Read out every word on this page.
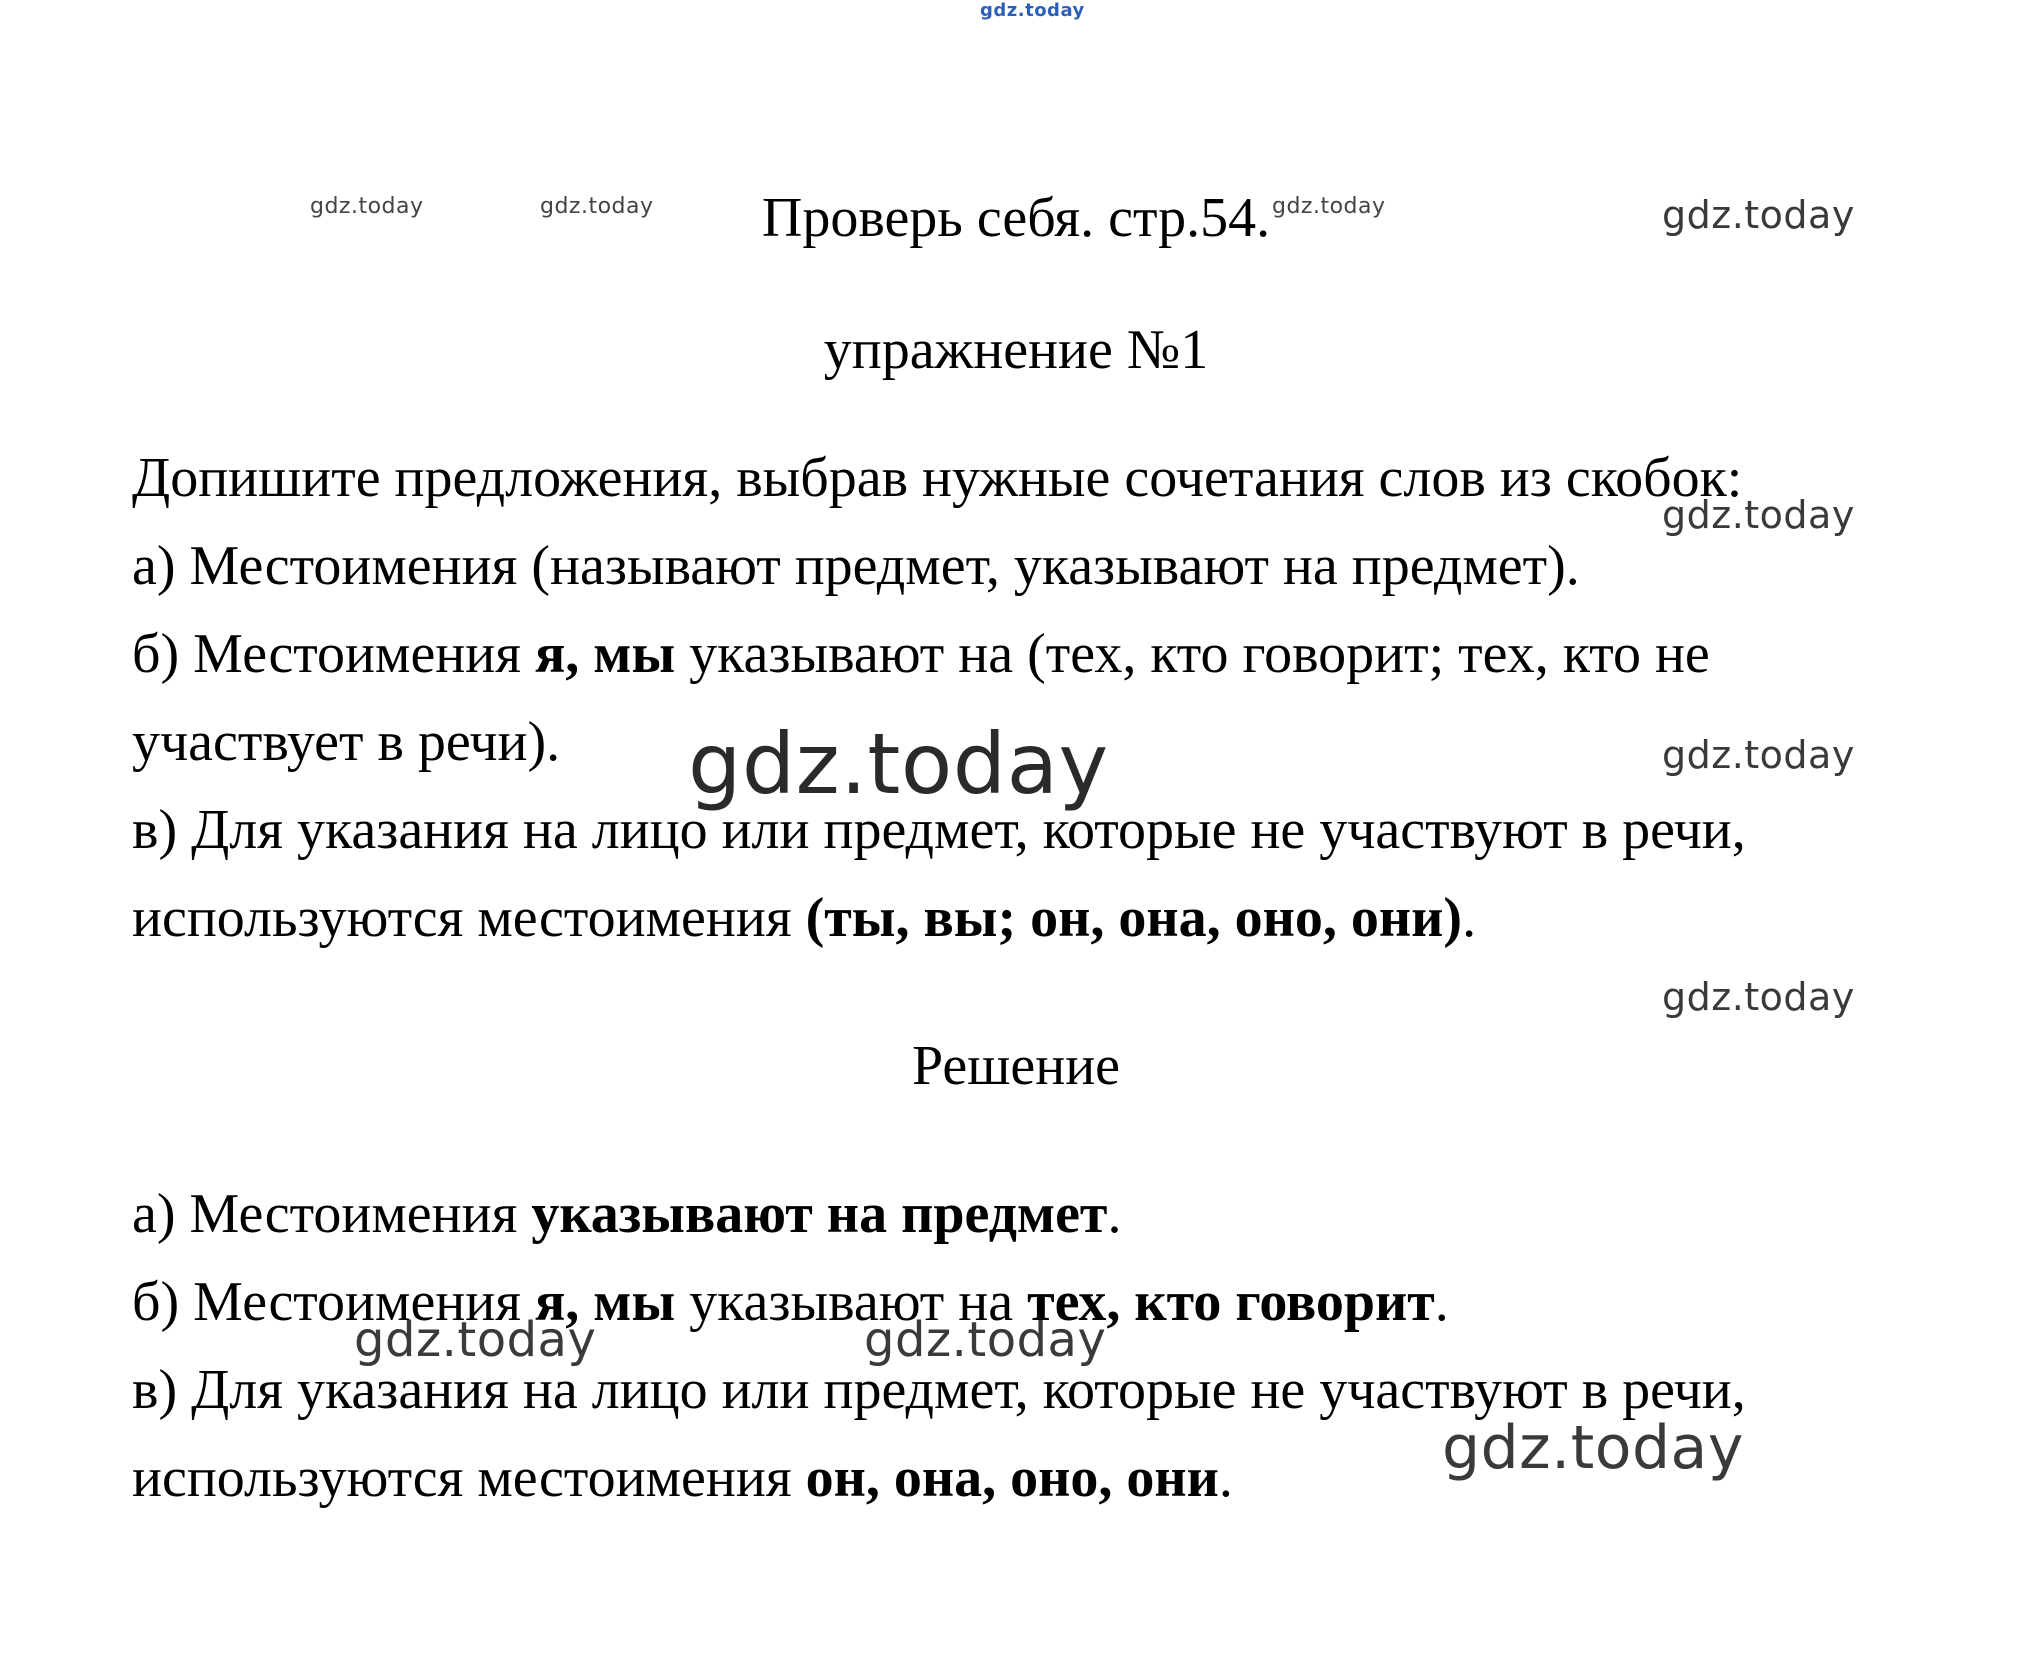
gdz.today
gdz.today	gdz.today	gdz.today	gdz.today
gdz.today
gdz.today
gdz.today
gdz.today
gdz.today	gdz.today
gdz.today
Проверь себя. стр.54.
упражнение №1
Допишите предложения, выбрав нужные сочетания слов из скобок:
а) Местоимения (называют предмет, указывают на предмет).
б) Местоимения я, мы указывают на (тех, кто говорит; тех, кто не
участвует в речи).
в) Для указания на лицо или предмет, которые не участвуют в речи,
используются местоимения (ты, вы; он, она, оно, они).
Решение
а) Местоимения указывают на предмет.
б) Местоимения я, мы указывают на тех, кто говорит.
в) Для указания на лицо или предмет, которые не участвуют в речи,
используются местоимения он, она, оно, они.
